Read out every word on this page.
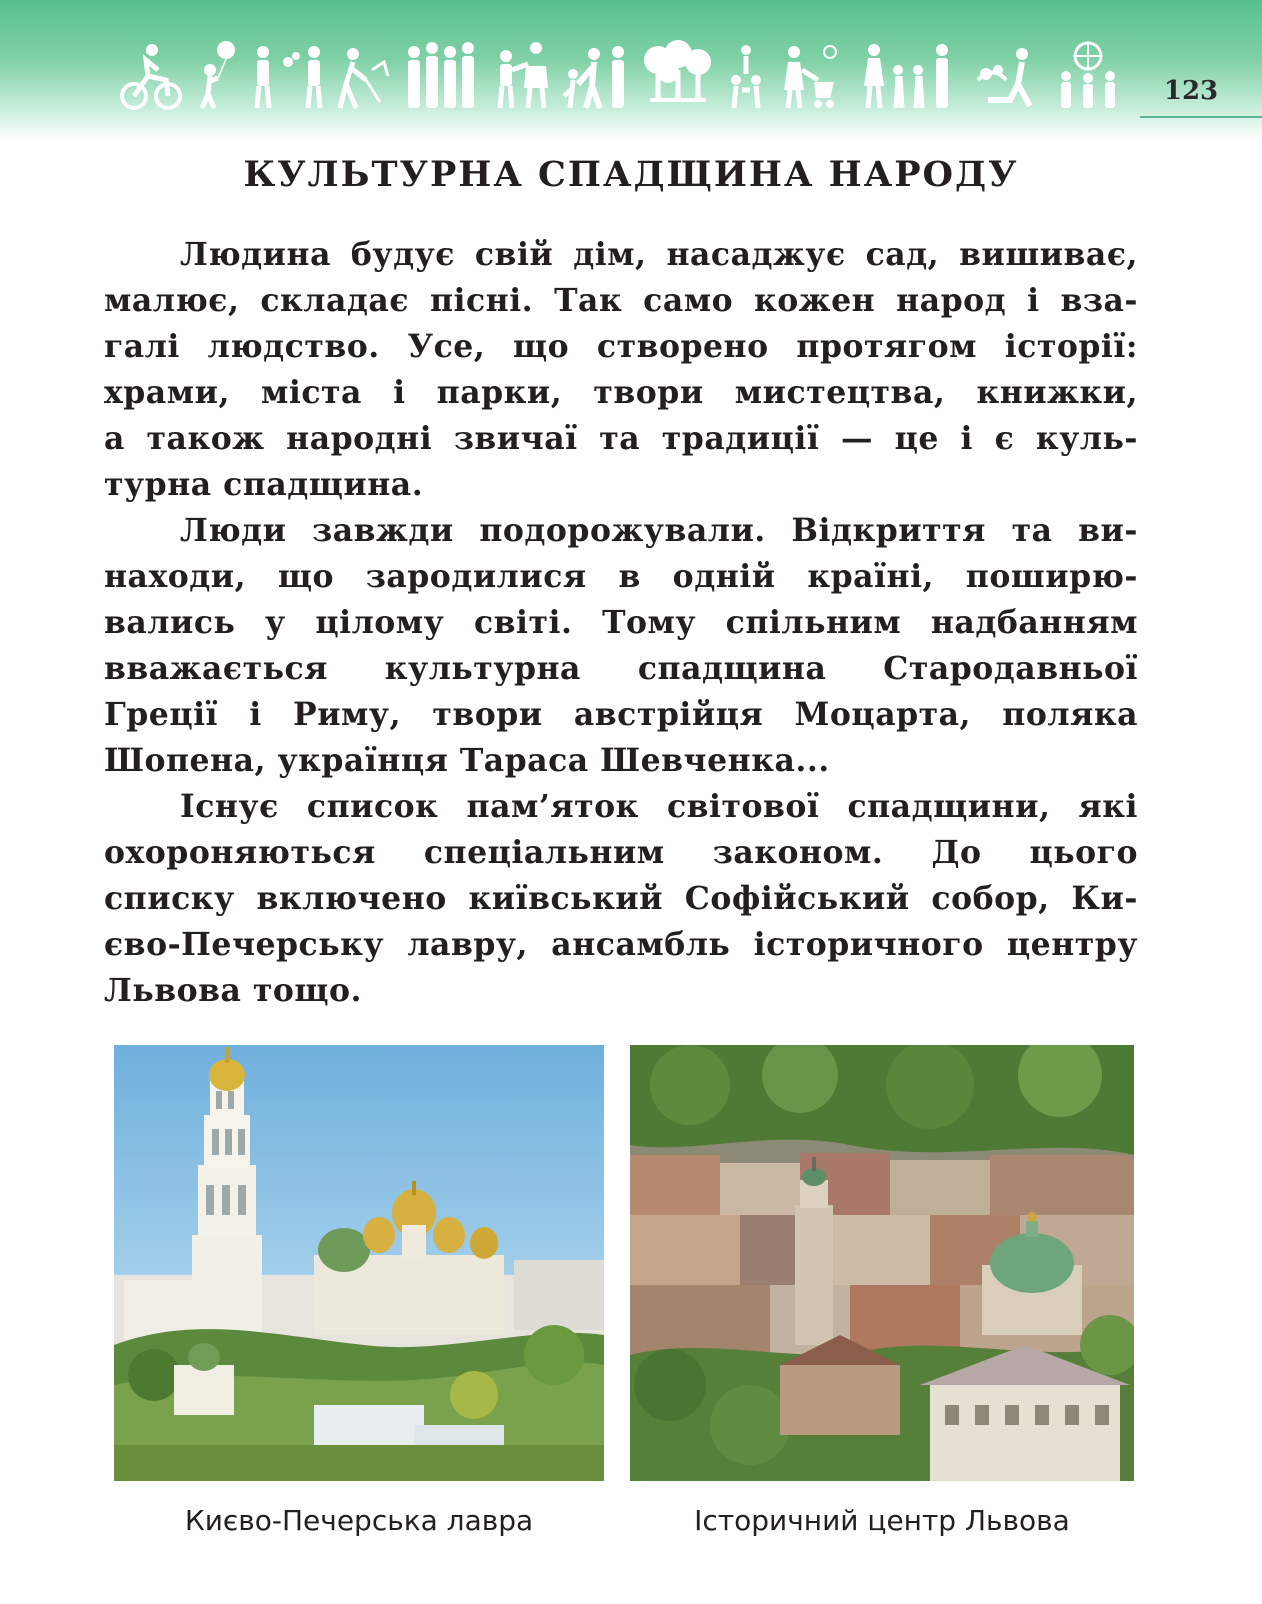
123
КУЛЬТУРНА СПАДЩИНА НАРОДУ
Людина будує свій дім, насаджує сад, вишиває,
малює, складає пісні. Так само кожен народ і вза-
галі людство. Усе, що створено протягом історії:
храми, міста і парки, твори мистецтва, книжки,
а також народні звичаї та традиції — це і є куль-
турна спадщина.
Люди завжди подорожували. Відкриття та ви-
находи, що зародилися в одній країні, поширю-
вались у цілому світі. Тому спільним надбанням
вважається культурна спадщина Стародавньої
Греції і Риму, твори австрійця Моцарта, поляка
Шопена, українця Тараса Шевченка...
Існує список пам’яток світової спадщини, які
охороняються спеціальним законом. До цього
списку включено київський Софійський собор, Ки-
єво-Печерську лавру, ансамбль історичного центру
Львова тощо.
Києво-Печерська лавра	Історичний центр Львова
